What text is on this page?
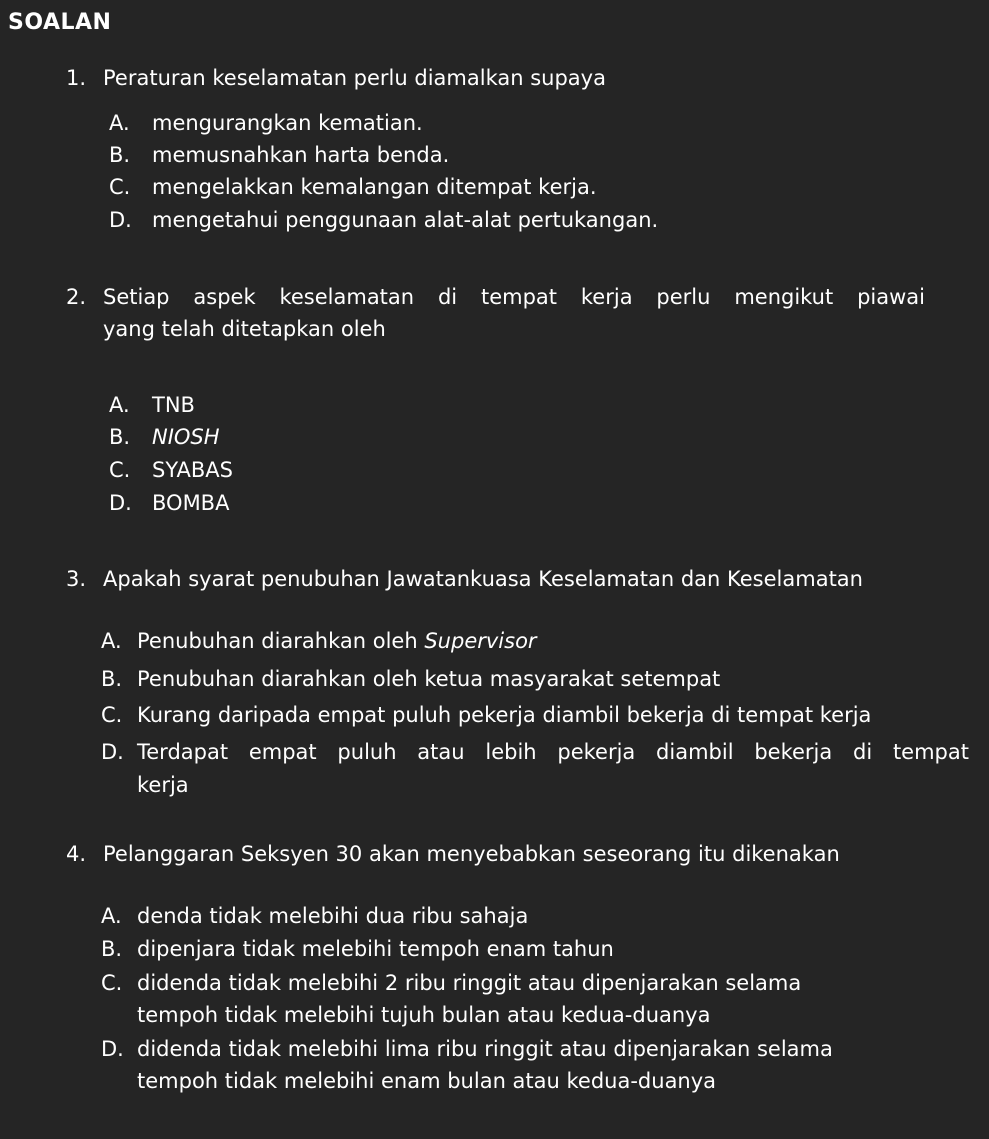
SOALAN
1. Peraturan keselamatan perlu diamalkan supaya
A. mengurangkan kematian.
B. memusnahkan harta benda.
C. mengelakkan kemalangan ditempat kerja.
D. mengetahui penggunaan alat-alat pertukangan.
2. Setiap aspek keselamatan di tempat kerja perlu mengikut piawai
yang telah ditetapkan oleh
A. TNB
B. NIOSH
C. SYABAS
D. BOMBA
3. Apakah syarat penubuhan Jawatankuasa Keselamatan dan Keselamatan
A. Penubuhan diarahkan oleh Supervisor
B. Penubuhan diarahkan oleh ketua masyarakat setempat
C. Kurang daripada empat puluh pekerja diambil bekerja di tempat kerja
D. Terdapat empat puluh atau lebih pekerja diambil bekerja di tempat
kerja
4. Pelanggaran Seksyen 30 akan menyebabkan seseorang itu dikenakan
A. denda tidak melebihi dua ribu sahaja
B. dipenjara tidak melebihi tempoh enam tahun
C. didenda tidak melebihi 2 ribu ringgit atau dipenjarakan selama
tempoh tidak melebihi tujuh bulan atau kedua-duanya
D. didenda tidak melebihi lima ribu ringgit atau dipenjarakan selama
tempoh tidak melebihi enam bulan atau kedua-duanya
